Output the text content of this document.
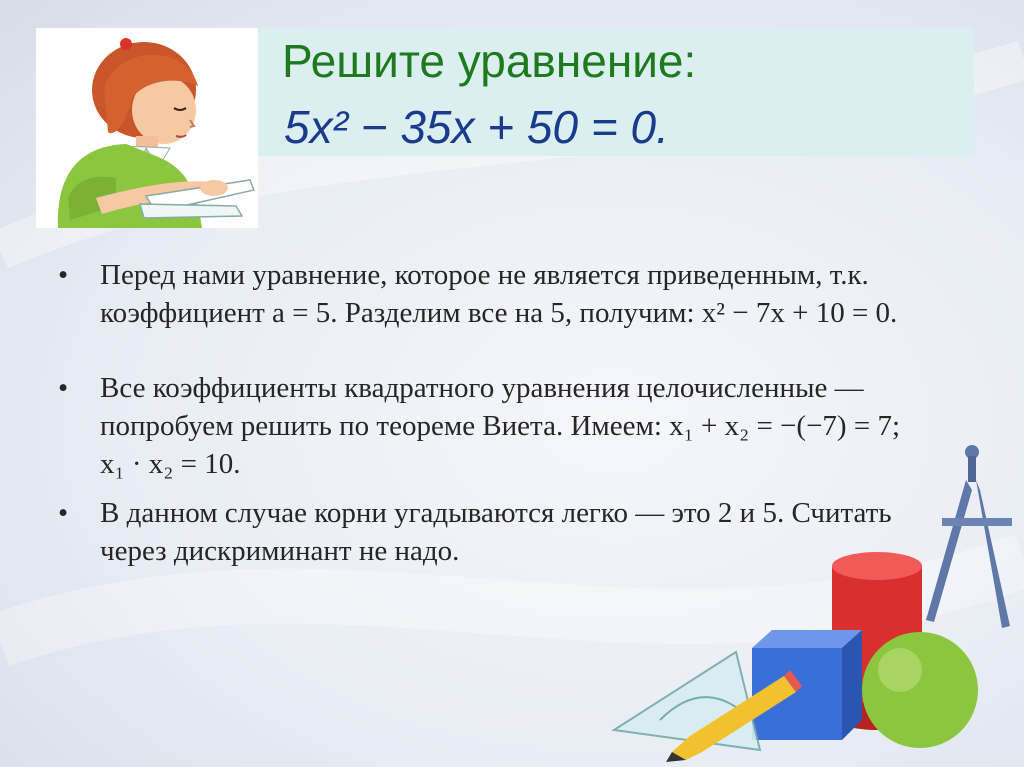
Решите уравнение:
5x² − 35x + 50 = 0.
• Перед нами уравнение, которое не является приведенным, т.к. коэффициент а = 5. Разделим все на 5, получим: x² − 7x + 10 = 0.
• Все коэффициенты квадратного уравнения целочисленные — попробуем решить по теореме Виета. Имеем: x₁ + x₂ = −(−7) = 7; x₁ · x₂ = 10.
• В данном случае корни угадываются легко — это 2 и 5. Считать через дискриминант не надо.
